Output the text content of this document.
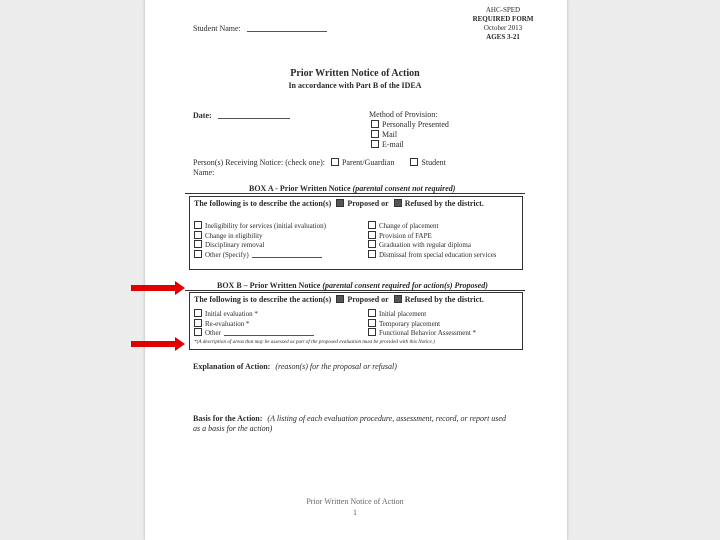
Student Name:
AHC-SPED
REQUIRED FORM
October 2013
AGES 3-21
Prior Written Notice of Action
In accordance with Part B of the IDEA
Date:	Method of Provision:
Personally Presented
Mail
E-mail
Person(s) Receiving Notice: (check one): Parent/Guardian	Student
Name:
BOX A - Prior Written Notice (parental consent not required)
The following is to describe the action(s) Proposed or Refused by the district.
Ineligibility for services (initial evaluation)
Change in eligibility
Disciplinary removal
Other (Specify)
Change of placement
Provision of FAPE
Graduation with regular diploma
Dismissal from special education services
BOX B – Prior Written Notice (parental consent required for action(s) Proposed)
The following is to describe the action(s) Proposed or Refused by the district.
Initial evaluation *
Re-evaluation *
Other
Initial placement
Temporary placement
Functional Behavior Assessment *
*(A description of areas that may be assessed as part of the proposed evaluation must be provided with this Notice.)
Explanation of Action: (reason(s) for the proposal or refusal)
Basis for the Action: (A listing of each evaluation procedure, assessment, record, or report used as a basis for the action)
Prior Written Notice of Action
1
